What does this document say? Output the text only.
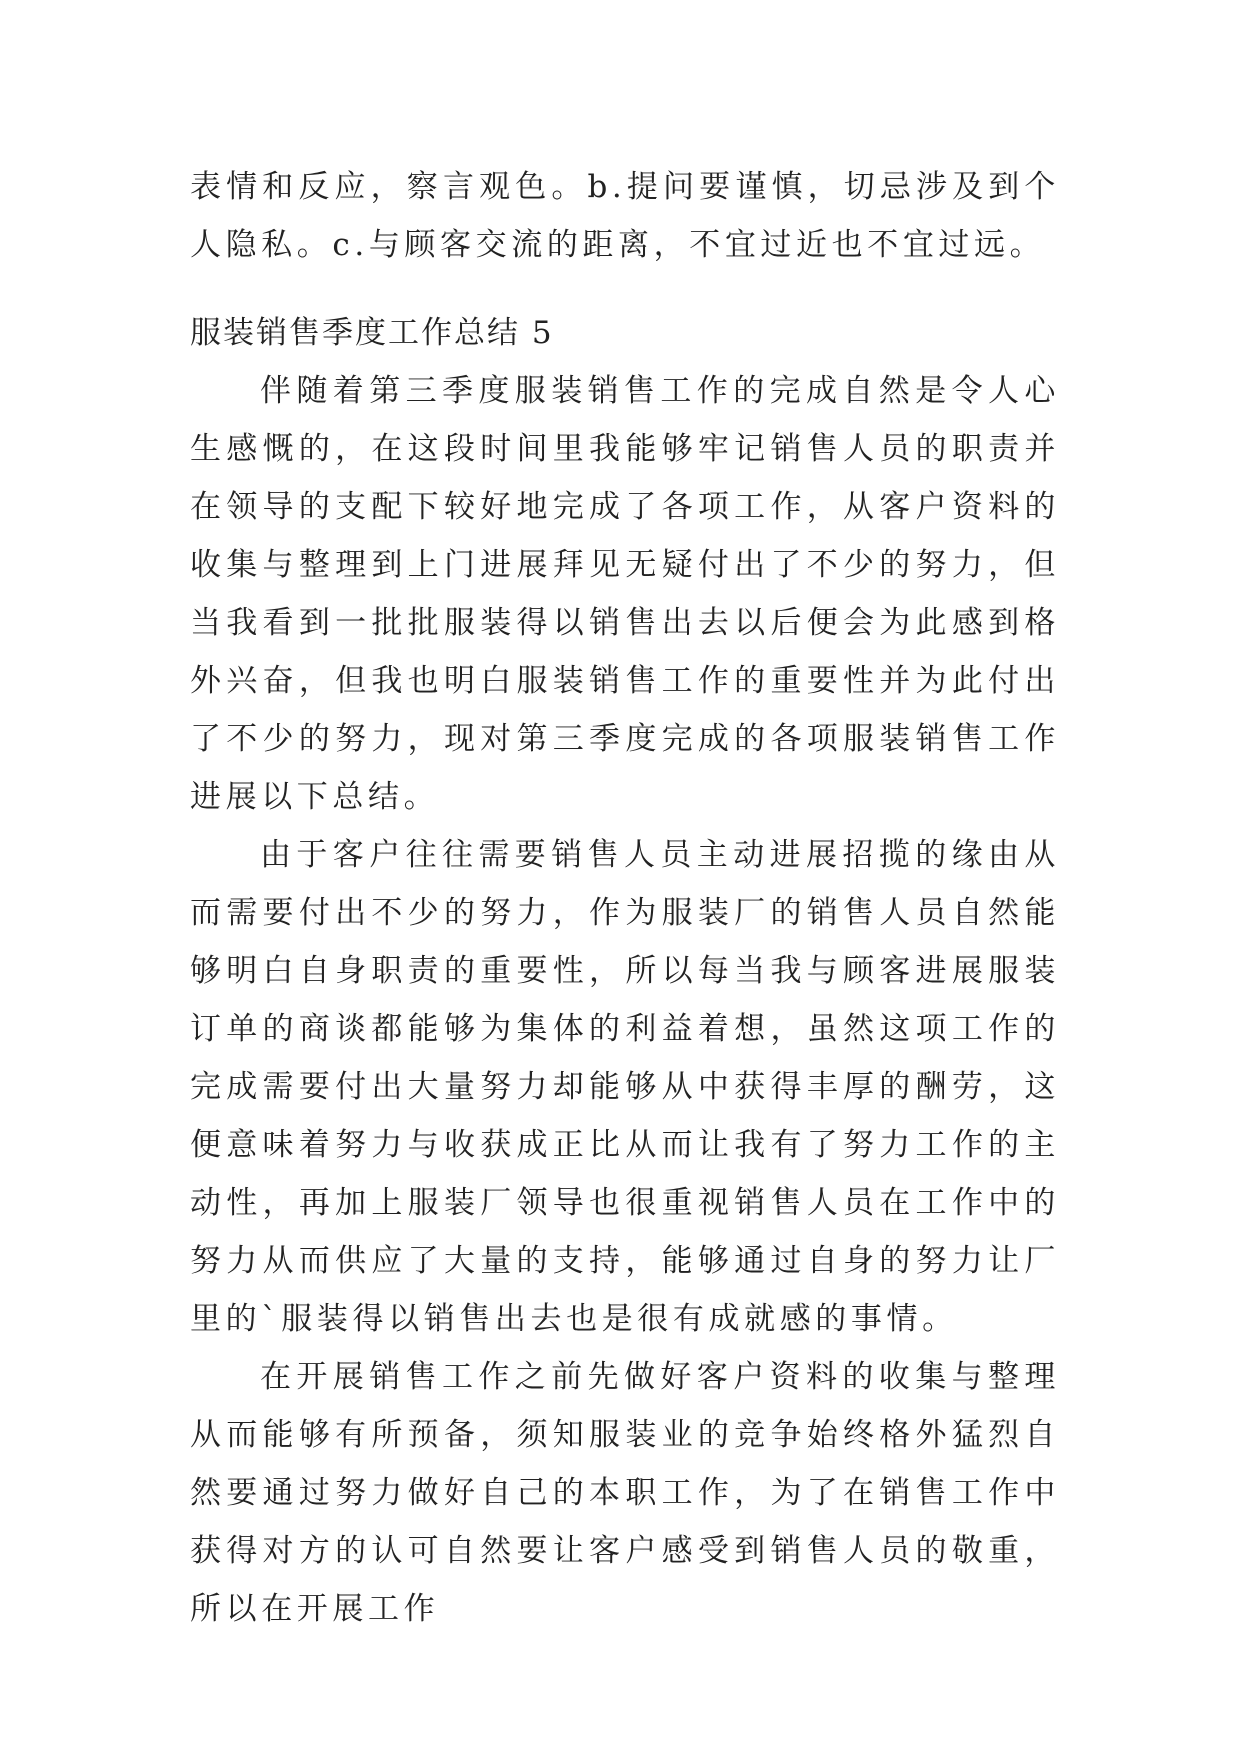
表情和反应，察言观色。b.提问要谨慎，切忌涉及到个人隐私。c.与顾客交流的距离，不宜过近也不宜过远。

服装销售季度工作总结 5

伴随着第三季度服装销售工作的完成自然是令人心生感慨的，在这段时间里我能够牢记销售人员的职责并在领导的支配下较好地完成了各项工作，从客户资料的收集与整理到上门进展拜见无疑付出了不少的努力，但当我看到一批批服装得以销售出去以后便会为此感到格外兴奋，但我也明白服装销售工作的重要性并为此付出了不少的努力，现对第三季度完成的各项服装销售工作进展以下总结。

由于客户往往需要销售人员主动进展招揽的缘由从而需要付出不少的努力，作为服装厂的销售人员自然能够明白自身职责的重要性，所以每当我与顾客进展服装订单的商谈都能够为集体的利益着想，虽然这项工作的完成需要付出大量努力却能够从中获得丰厚的酬劳，这便意味着努力与收获成正比从而让我有了努力工作的主动性，再加上服装厂领导也很重视销售人员在工作中的努力从而供应了大量的支持，能够通过自身的努力让厂里的`服装得以销售出去也是很有成就感的事情。

在开展销售工作之前先做好客户资料的收集与整理从而能够有所预备，须知服装业的竞争始终格外猛烈自然要通过努力做好自己的本职工作，为了在销售工作中获得对方的认可自然要让客户感受到销售人员的敬重，所以在开展工作
